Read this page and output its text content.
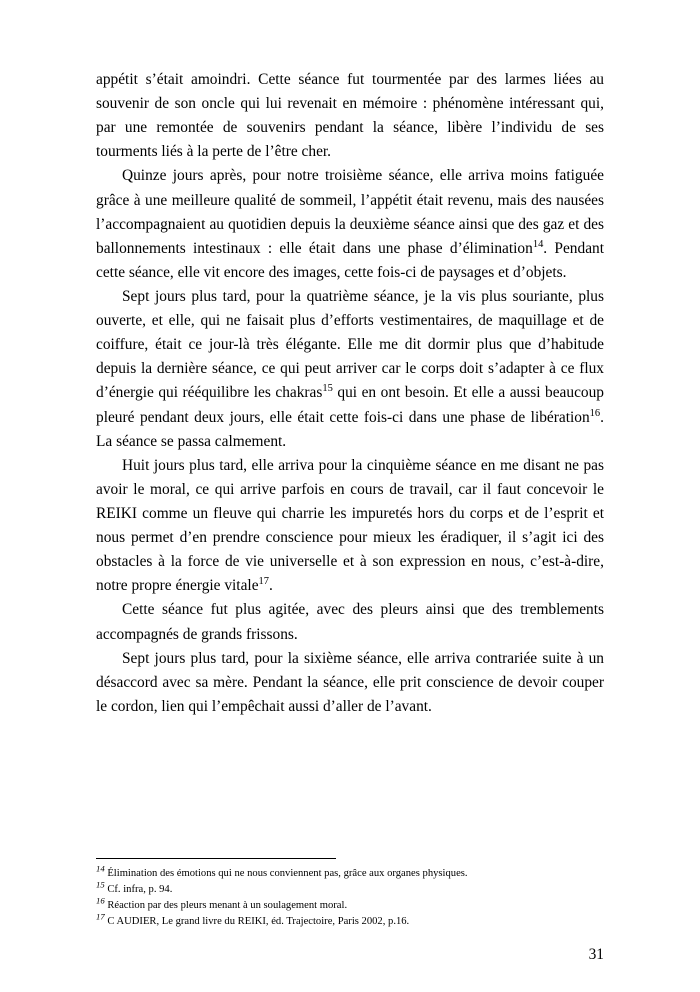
appétit s’était amoindri. Cette séance fut tourmentée par des larmes liées au souvenir de son oncle qui lui revenait en mémoire : phénomène intéressant qui, par une remontée de souvenirs pendant la séance, libère l’individu de ses tourments liés à la perte de l’être cher.

Quinze jours après, pour notre troisième séance, elle arriva moins fatiguée grâce à une meilleure qualité de sommeil, l’appétit était revenu, mais des nausées l’accompagnaient au quotidien depuis la deuxième séance ainsi que des gaz et des ballonnements intestinaux : elle était dans une phase d’élimination$^{14}$. Pendant cette séance, elle vit encore des images, cette fois-ci de paysages et d’objets.

Sept jours plus tard, pour la quatrième séance, je la vis plus souriante, plus ouverte, et elle, qui ne faisait plus d’efforts vestimentaires, de maquillage et de coiffure, était ce jour-là très élégante. Elle me dit dormir plus que d’habitude depuis la dernière séance, ce qui peut arriver car le corps doit s’adapter à ce flux d’énergie qui rééquilibre les chakras$^{15}$ qui en ont besoin. Et elle a aussi beaucoup pleuré pendant deux jours, elle était cette fois-ci dans une phase de libération$^{16}$. La séance se passa calmement.

Huit jours plus tard, elle arriva pour la cinquième séance en me disant ne pas avoir le moral, ce qui arrive parfois en cours de travail, car il faut concevoir le REIKI comme un fleuve qui charrie les impuretés hors du corps et de l’esprit et nous permet d’en prendre conscience pour mieux les éradiquer, il s’agit ici des obstacles à la force de vie universelle et à son expression en nous, c’est-à-dire, notre propre énergie vitale$^{17}$.

Cette séance fut plus agitée, avec des pleurs ainsi que des tremblements accompagnés de grands frissons.

Sept jours plus tard, pour la sixième séance, elle arriva contrariée suite à un désaccord avec sa mère. Pendant la séance, elle prit conscience de devoir couper le cordon, lien qui l’empêchait aussi d’aller de l’avant.

$^{14}$ Élimination des émotions qui ne nous conviennent pas, grâce aux organes physiques.
$^{15}$ Cf. infra, p. 94.
$^{16}$ Réaction par des pleurs menant à un soulagement moral.
$^{17}$ C AUDIER, Le grand livre du REIKI, éd. Trajectoire, Paris 2002, p.16.
31
